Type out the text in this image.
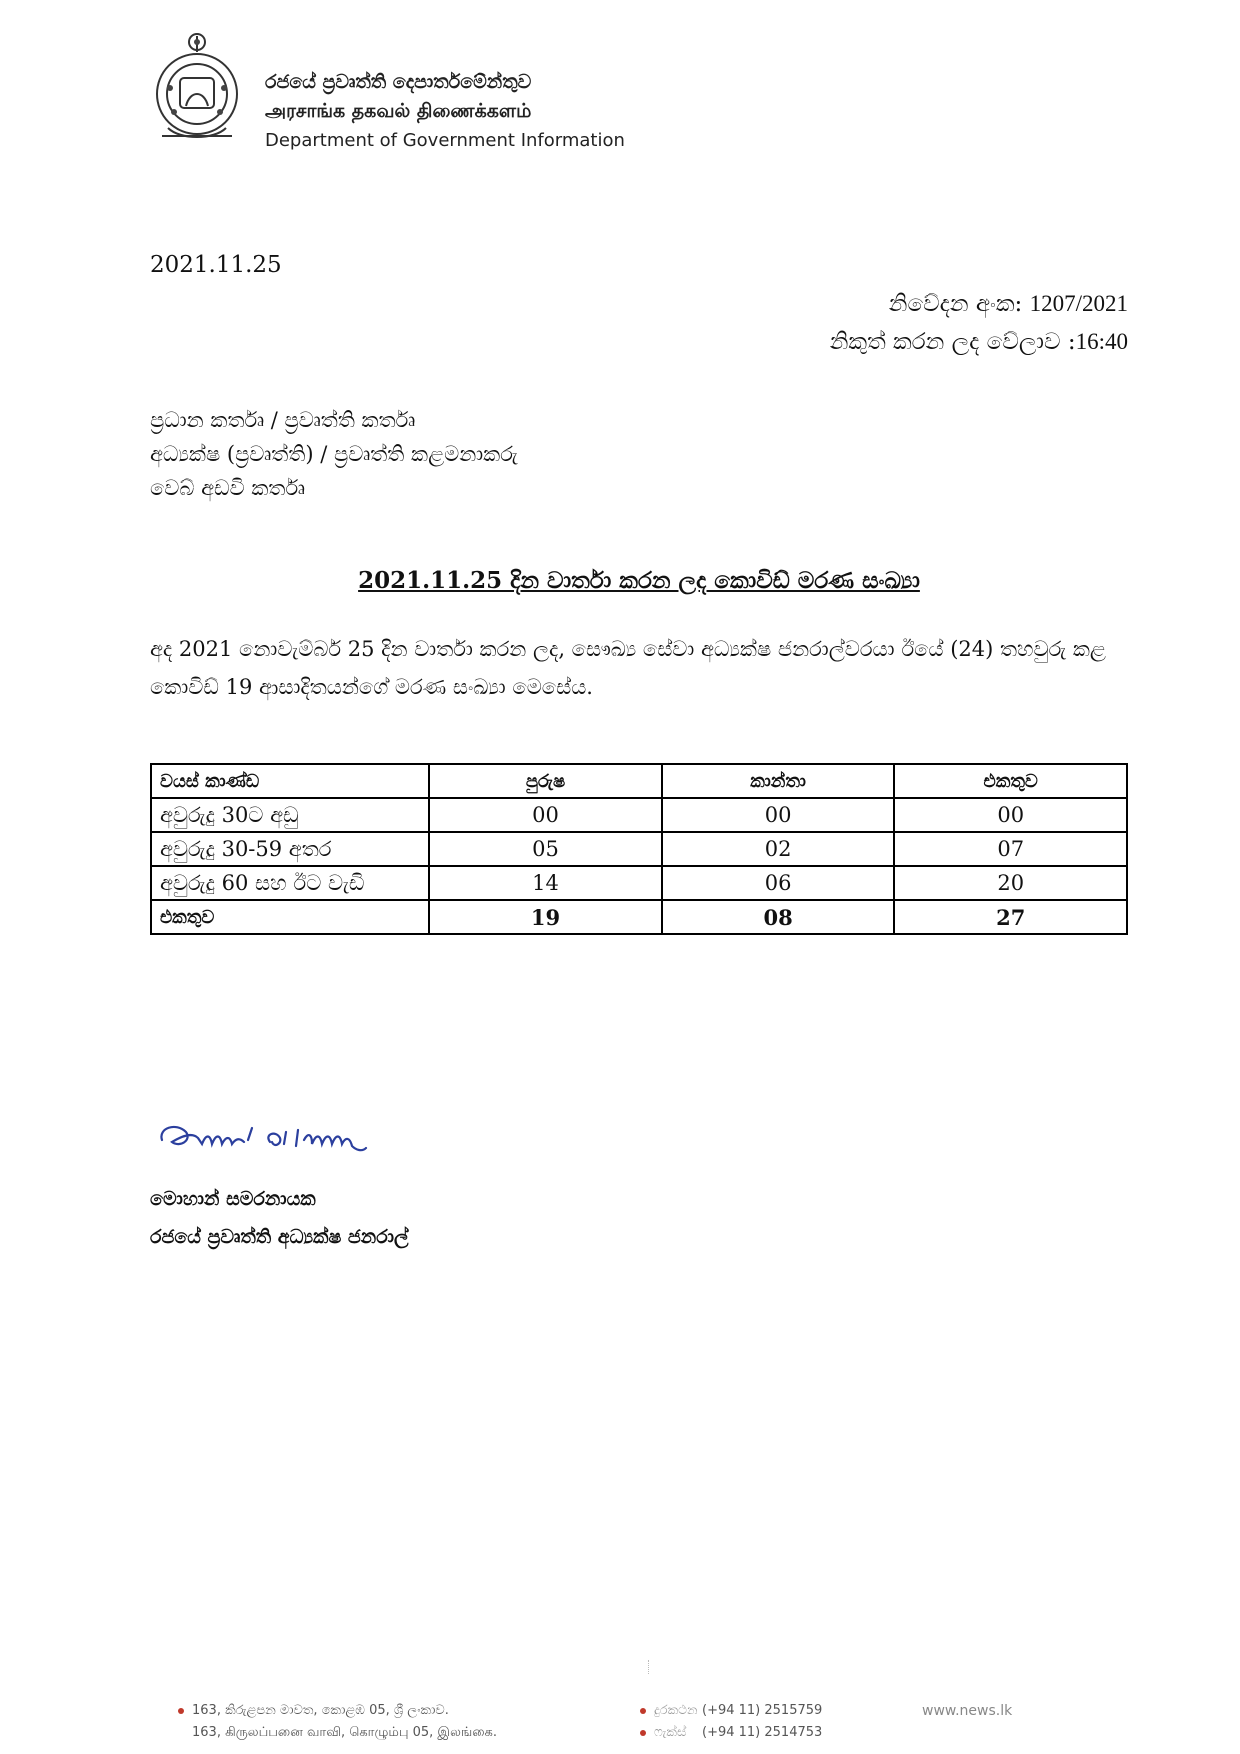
රජයේ ප්‍රවෘත්ති දෙපාර්තමේන්තුව
அரசாங்க தகவல் திணைக்களம்
Department of Government Information
2021.11.25
නිවේදන අංක: 1207/2021
නිකුත් කරන ලද වේලාව :16:40
ප්‍රධාන කර්තෘ / ප්‍රවෘත්ති කර්තෘ
අධ්‍යක්ෂ (ප්‍රවෘත්ති) / ප්‍රවෘත්ති කළමනාකරු
වෙබ් අඩවි කර්තෘ
2021.11.25 දින වාර්තා කරන ලද කොවිඩ් මරණ සංඛ්‍යා
අද 2021 නොවැම්බර් 25 දින වාර්තා කරන ලද, සෞඛ්‍ය සේවා අධ්‍යක්ෂ ජනරාල්වරයා ඊයේ (24) තහවුරු කළ කොවිඩ් 19 ආසාදිතයන්ගේ මරණ සංඛ්‍යා මෙසේය.
වයස් කාණ්ඩ	පුරුෂ	කාන්තා	එකතුව
අවුරුදු 30ට අඩු	00	00	00
අවුරුදු 30-59 අතර	05	02	07
අවුරුදු 60 සහ ඊට වැඩි	14	06	20
එකතුව	19	08	27
මොහාන් සමරනායක
රජයේ ප්‍රවෘත්ති අධ්‍යක්ෂ ජනරාල්
163, කිරුළපන මාවත, කොළඹ 05, ශ්‍රී ලංකාව.
163, கிருலப்பனை வாவி, கொழும்பு 05, இலங்கை.
දුරකථන (+94 11) 2515759
ෆැක්ස් (+94 11) 2514753
www.news.lk
